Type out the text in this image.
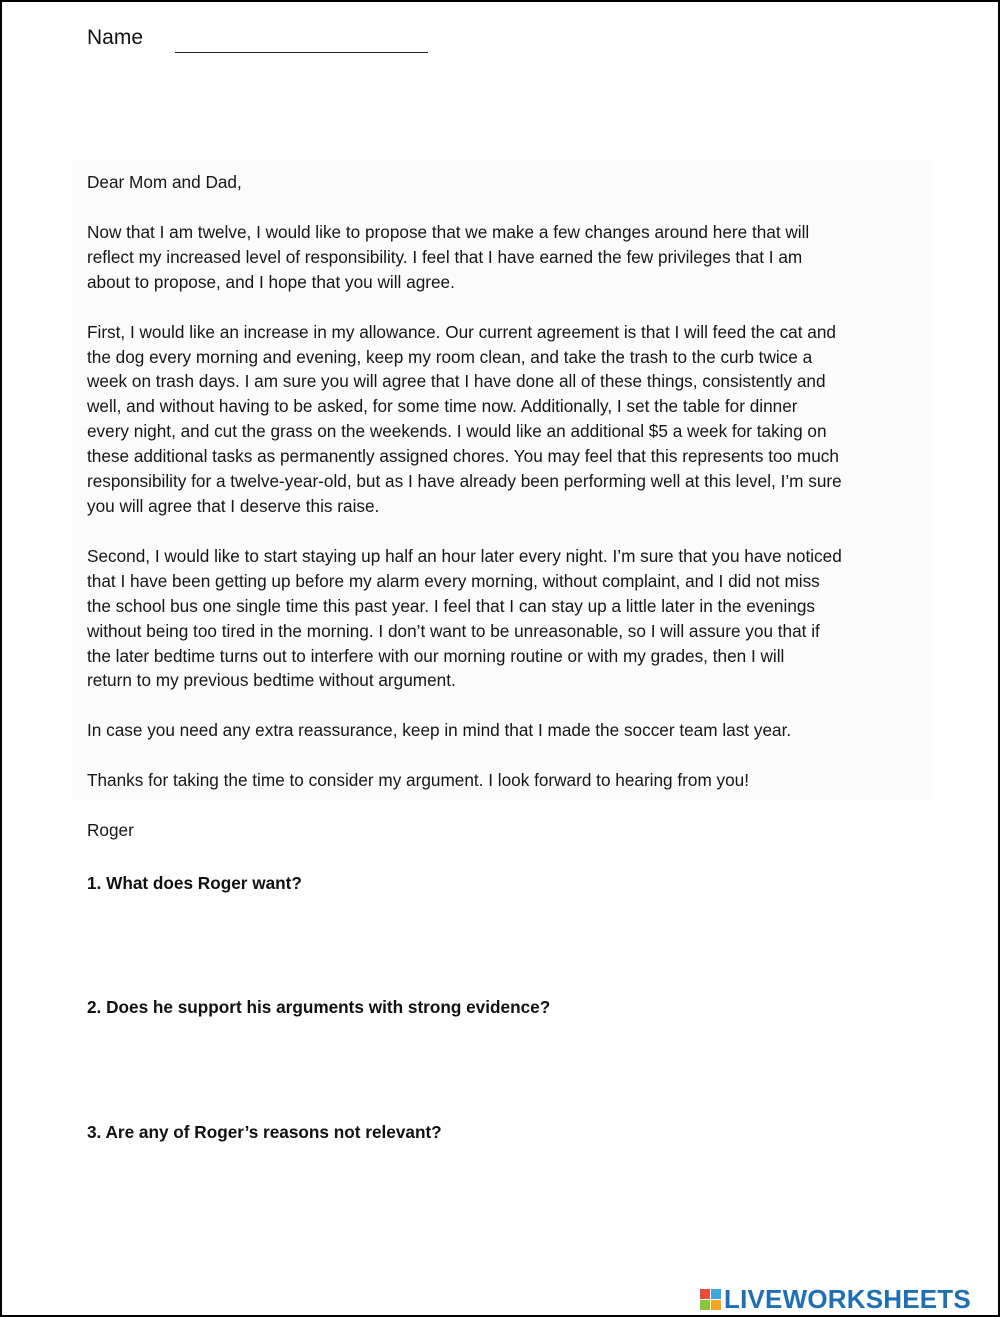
Name

Dear Mom and Dad,

Now that I am twelve, I would like to propose that we make a few changes around here that will
reflect my increased level of responsibility. I feel that I have earned the few privileges that I am
about to propose, and I hope that you will agree.

First, I would like an increase in my allowance. Our current agreement is that I will feed the cat and
the dog every morning and evening, keep my room clean, and take the trash to the curb twice a
week on trash days. I am sure you will agree that I have done all of these things, consistently and
well, and without having to be asked, for some time now. Additionally, I set the table for dinner
every night, and cut the grass on the weekends. I would like an additional $5 a week for taking on
these additional tasks as permanently assigned chores. You may feel that this represents too much
responsibility for a twelve-year-old, but as I have already been performing well at this level, I’m sure
you will agree that I deserve this raise.

Second, I would like to start staying up half an hour later every night. I’m sure that you have noticed
that I have been getting up before my alarm every morning, without complaint, and I did not miss
the school bus one single time this past year. I feel that I can stay up a little later in the evenings
without being too tired in the morning. I don’t want to be unreasonable, so I will assure you that if
the later bedtime turns out to interfere with our morning routine or with my grades, then I will
return to my previous bedtime without argument.

In case you need any extra reassurance, keep in mind that I made the soccer team last year.

Thanks for taking the time to consider my argument. I look forward to hearing from you!

Roger

1. What does Roger want?
2. Does he support his arguments with strong evidence?
3. Are any of Roger’s reasons not relevant?
LIVEWORKSHEETS
